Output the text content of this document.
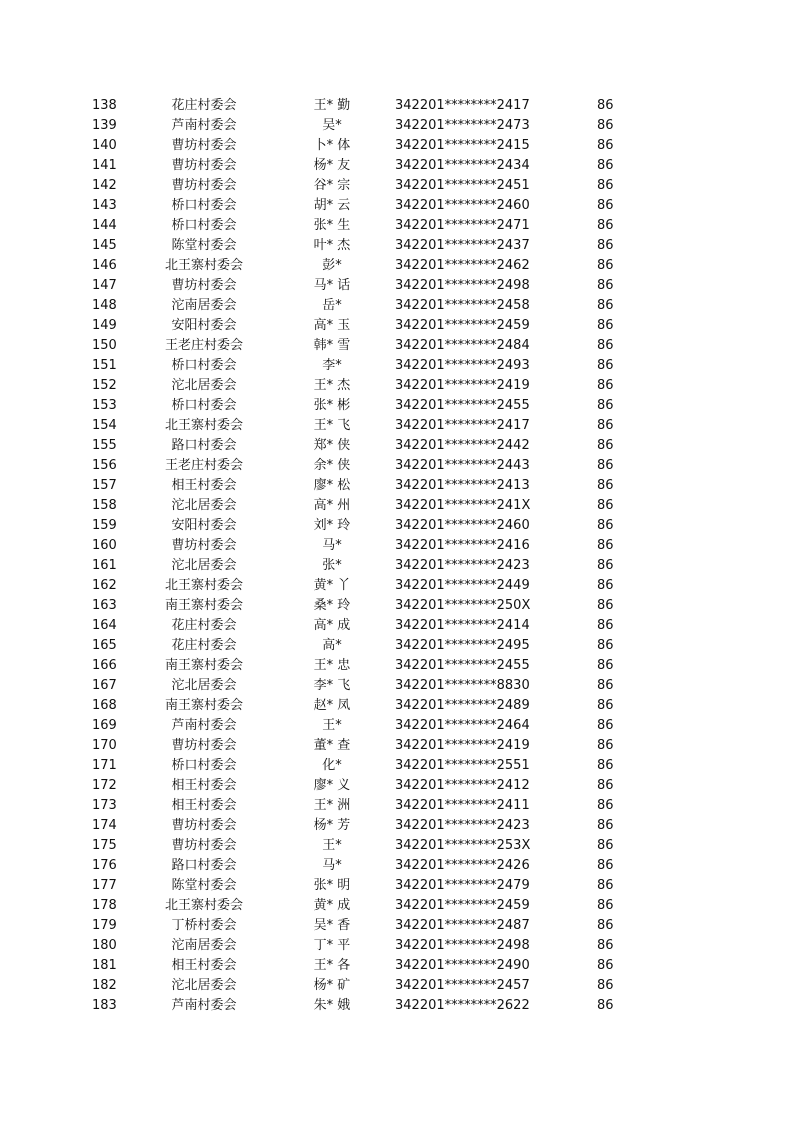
138	花庄村委会	王* 勤	342201********2417	86
139	芦南村委会	吴*	342201********2473	86
140	曹坊村委会	卜* 体	342201********2415	86
141	曹坊村委会	杨* 友	342201********2434	86
142	曹坊村委会	谷* 宗	342201********2451	86
143	桥口村委会	胡* 云	342201********2460	86
144	桥口村委会	张* 生	342201********2471	86
145	陈堂村委会	叶* 杰	342201********2437	86
146	北王寨村委会	彭*	342201********2462	86
147	曹坊村委会	马* 话	342201********2498	86
148	沱南居委会	岳*	342201********2458	86
149	安阳村委会	高* 玉	342201********2459	86
150	王老庄村委会	韩* 雪	342201********2484	86
151	桥口村委会	李*	342201********2493	86
152	沱北居委会	王* 杰	342201********2419	86
153	桥口村委会	张* 彬	342201********2455	86
154	北王寨村委会	王* 飞	342201********2417	86
155	路口村委会	郑* 侠	342201********2442	86
156	王老庄村委会	余* 侠	342201********2443	86
157	相王村委会	廖* 松	342201********2413	86
158	沱北居委会	高* 州	342201********241X	86
159	安阳村委会	刘* 玲	342201********2460	86
160	曹坊村委会	马*	342201********2416	86
161	沱北居委会	张*	342201********2423	86
162	北王寨村委会	黄* 丫	342201********2449	86
163	南王寨村委会	桑* 玲	342201********250X	86
164	花庄村委会	高* 成	342201********2414	86
165	花庄村委会	高*	342201********2495	86
166	南王寨村委会	王* 忠	342201********2455	86
167	沱北居委会	李* 飞	342201********8830	86
168	南王寨村委会	赵* 凤	342201********2489	86
169	芦南村委会	王*	342201********2464	86
170	曹坊村委会	董* 查	342201********2419	86
171	桥口村委会	化*	342201********2551	86
172	相王村委会	廖* 义	342201********2412	86
173	相王村委会	王* 洲	342201********2411	86
174	曹坊村委会	杨* 芳	342201********2423	86
175	曹坊村委会	王*	342201********253X	86
176	路口村委会	马*	342201********2426	86
177	陈堂村委会	张* 明	342201********2479	86
178	北王寨村委会	黄* 成	342201********2459	86
179	丁桥村委会	吴* 香	342201********2487	86
180	沱南居委会	丁* 平	342201********2498	86
181	相王村委会	王* 各	342201********2490	86
182	沱北居委会	杨* 矿	342201********2457	86
183	芦南村委会	朱* 娥	342201********2622	86
